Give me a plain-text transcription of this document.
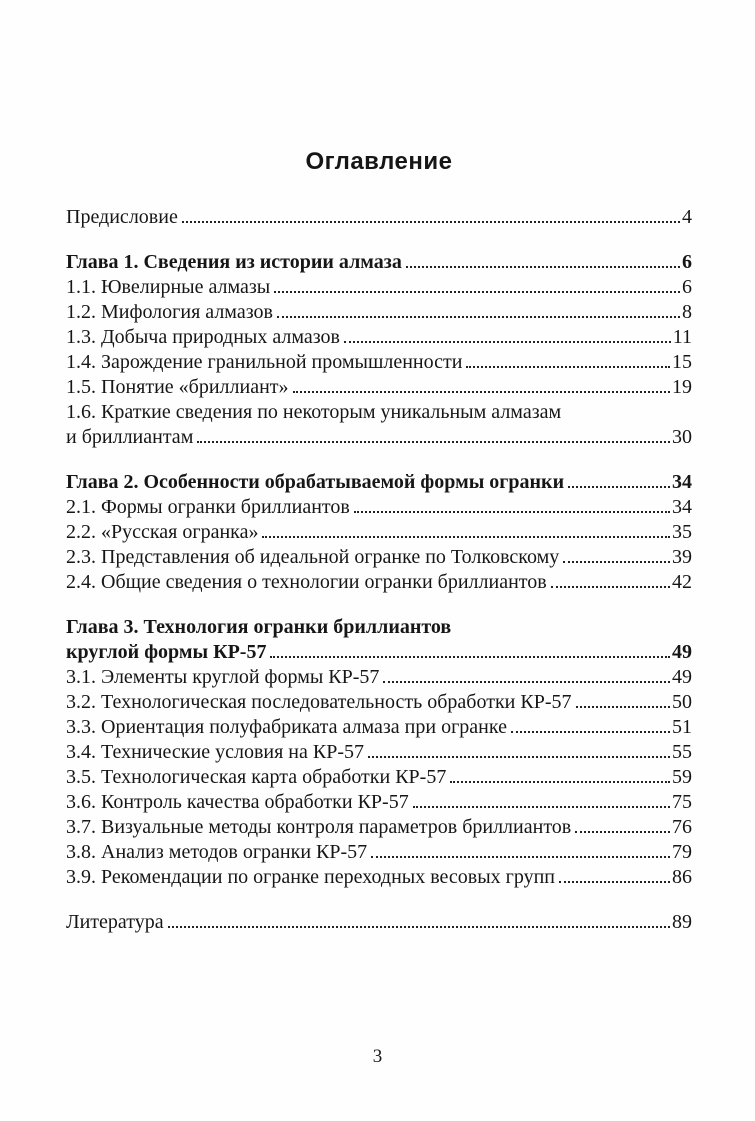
Оглавление
Предисловие	4
Глава 1. Сведения из истории алмаза	6
1.1. Ювелирные алмазы	6
1.2. Мифология алмазов	8
1.3. Добыча природных алмазов	11
1.4. Зарождение гранильной промышленности	15
1.5. Понятие «бриллиант»	19
1.6. Краткие сведения по некоторым уникальным алмазам
и бриллиантам	30
Глава 2. Особенности обрабатываемой формы огранки	34
2.1. Формы огранки бриллиантов	34
2.2. «Русская огранка»	35
2.3. Представления об идеальной огранке по Толковскому	39
2.4. Общие сведения о технологии огранки бриллиантов	42
Глава 3. Технология огранки бриллиантов
круглой формы КР-57	49
3.1. Элементы круглой формы КР-57	49
3.2. Технологическая последовательность обработки КР-57	50
3.3. Ориентация полуфабриката алмаза при огранке	51
3.4. Технические условия на КР-57	55
3.5. Технологическая карта обработки КР-57	59
3.6. Контроль качества обработки КР-57	75
3.7. Визуальные методы контроля параметров бриллиантов	76
3.8. Анализ методов огранки КР-57	79
3.9. Рекомендации по огранке переходных весовых групп	86
Литература	89
3
